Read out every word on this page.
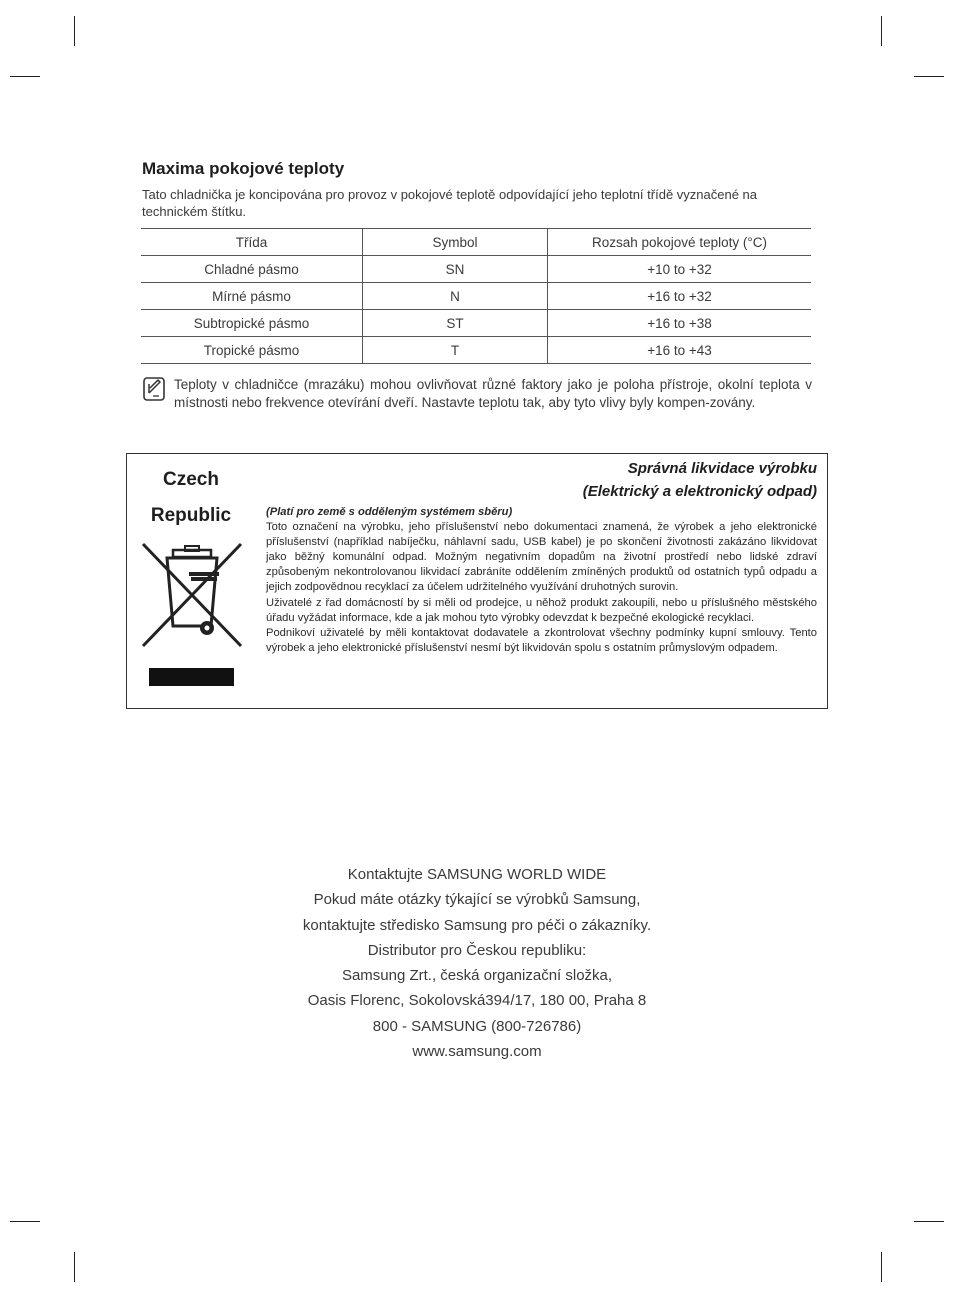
Maxima pokojové teploty

Tato chladnička je koncipována pro provoz v pokojové teplotě odpovídající jeho teplotní třídě vyznačené na technickém štítku.

Třída	Symbol	Rozsah pokojové teploty (°C)
Chladné pásmo	SN	+10 to +32
Mírné pásmo	N	+16 to +32
Subtropické pásmo	ST	+16 to +38
Tropické pásmo	T	+16 to +43

Teploty v chladničce (mrazáku) mohou ovlivňovat různé faktory jako je poloha přístroje, okolní teplota v místnosti nebo frekvence otevírání dveří. Nastavte teplotu tak, aby tyto vlivy byly kompen-zovány.

Czech
Republic
Správná likvidace výrobku
(Elektrický a elektronický odpad)

(Platí pro země s odděleným systémem sběru)

Toto označení na výrobku, jeho příslušenství nebo dokumentaci znamená, že výrobek a jeho elektronické příslušenství (například nabíječku, náhlavní sadu, USB kabel) je po skončení životnosti zakázáno likvidovat jako běžný komunální odpad. Možným negativním dopadům na životní prostředí nebo lidské zdraví způsobeným nekontrolovanou likvidací zabráníte oddělením zmíněných produktů od ostatních typů odpadu a jejich zodpovědnou recyklací za účelem udržitelného využívání druhotných surovin.

Uživatelé z řad domácností by si měli od prodejce, u něhož produkt zakoupili, nebo u příslušného městského úřadu vyžádat informace, kde a jak mohou tyto výrobky odevzdat k bezpečné ekologické recyklaci.

Podnikoví uživatelé by měli kontaktovat dodavatele a zkontrolovat všechny podmínky kupní smlouvy. Tento výrobek a jeho elektronické příslušenství nesmí být likvidován spolu s ostatním průmyslovým odpadem.

Kontaktujte SAMSUNG WORLD WIDE
Pokud máte otázky týkající se výrobků Samsung,
kontaktujte středisko Samsung pro péči o zákazníky.
Distributor pro Českou republiku:
Samsung Zrt., česká organizační složka,
Oasis Florenc, Sokolovská394/17, 180 00, Praha 8
800 - SAMSUNG (800-726786)
www.samsung.com
